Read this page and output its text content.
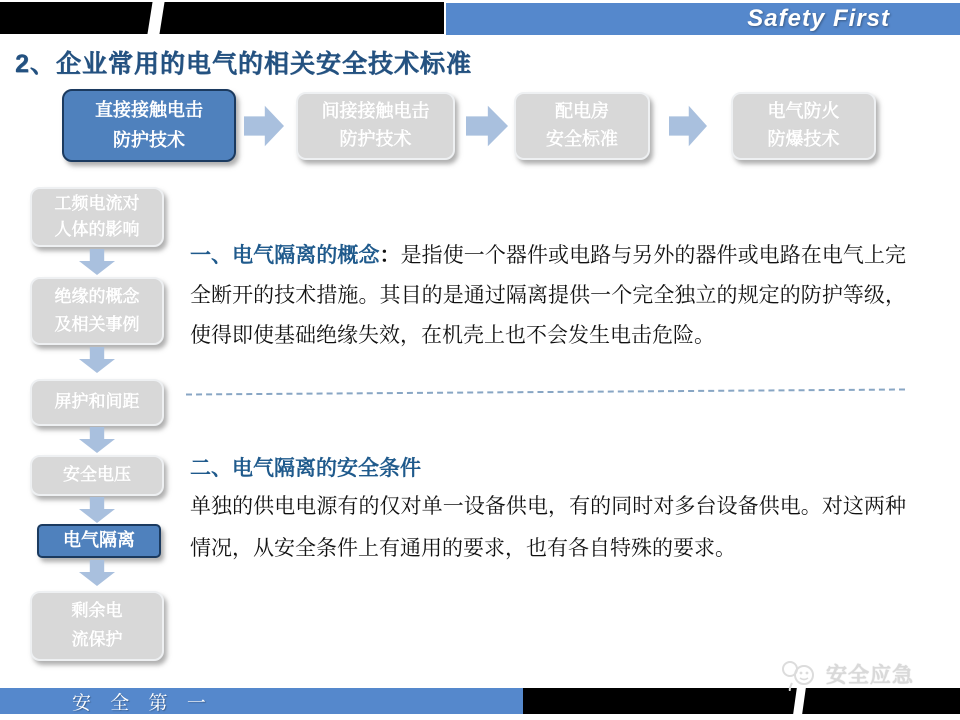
Safety First
2、企业常用的电气的相关安全技术标准
直接接触电击
防护技术
间接接触电击
防护技术
配电房
安全标准
电气防火
防爆技术
工频电流对
人体的影响
绝缘的概念
及相关事例
屏护和间距
安全电压
电气隔离
剩余电
流保护
一、电气隔离的概念：是指使一个器件或电路与另外的器件或电路在电气上完全断开的技术措施。其目的是通过隔离提供一个完全独立的规定的防护等级，使得即使基础绝缘失效，在机壳上也不会发生电击危险。
二、电气隔离的安全条件
单独的供电电源有的仅对单一设备供电，有的同时对多台设备供电。对这两种情况，从安全条件上有通用的要求，也有各自特殊的要求。
安 全 第 一
安全应急
